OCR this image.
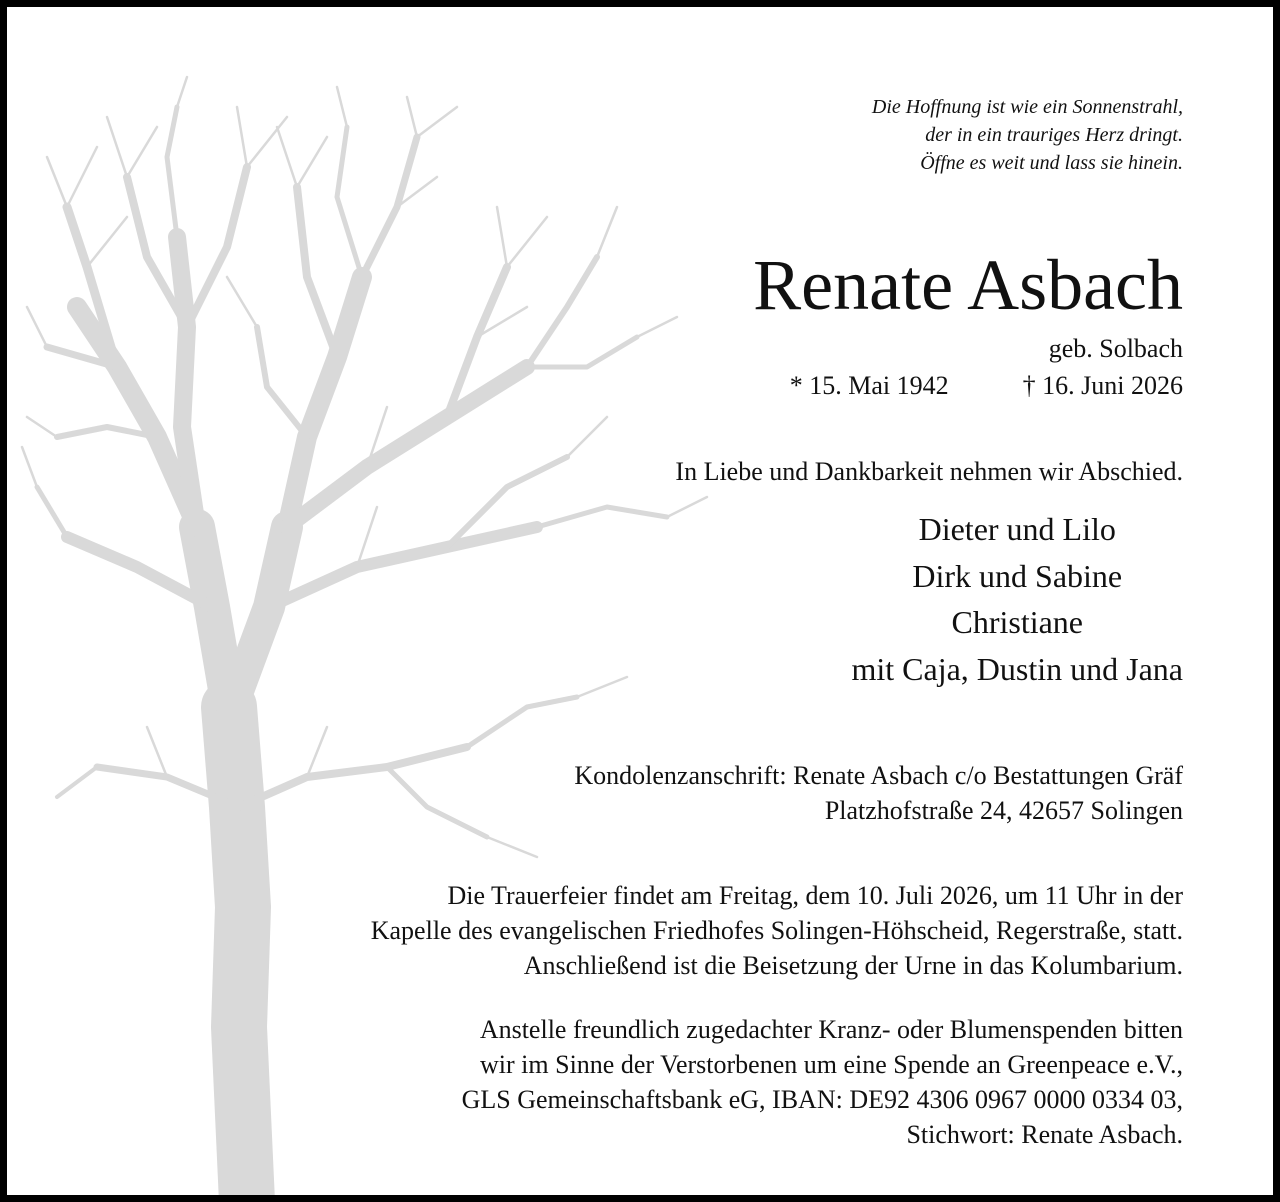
Die Hoffnung ist wie ein Sonnenstrahl,
der in ein trauriges Herz dringt.
Öffne es weit und lass sie hinein.
Renate Asbach
geb. Solbach
* 15. Mai 1942	† 16. Juni 2026
In Liebe und Dankbarkeit nehmen wir Abschied.
Dieter und Lilo
Dirk und Sabine
Christiane
mit Caja, Dustin und Jana
Kondolenzanschrift: Renate Asbach c/o Bestattungen Gräf
Platzhofstraße 24, 42657 Solingen
Die Trauerfeier findet am Freitag, dem 10. Juli 2026, um 11 Uhr in der
Kapelle des evangelischen Friedhofes Solingen-Höhscheid, Regerstraße, statt.
Anschließend ist die Beisetzung der Urne in das Kolumbarium.
Anstelle freundlich zugedachter Kranz- oder Blumenspenden bitten
wir im Sinne der Verstorbenen um eine Spende an Greenpeace e.V.,
GLS Gemeinschaftsbank eG, IBAN: DE92 4306 0967 0000 0334 03,
Stichwort: Renate Asbach.
